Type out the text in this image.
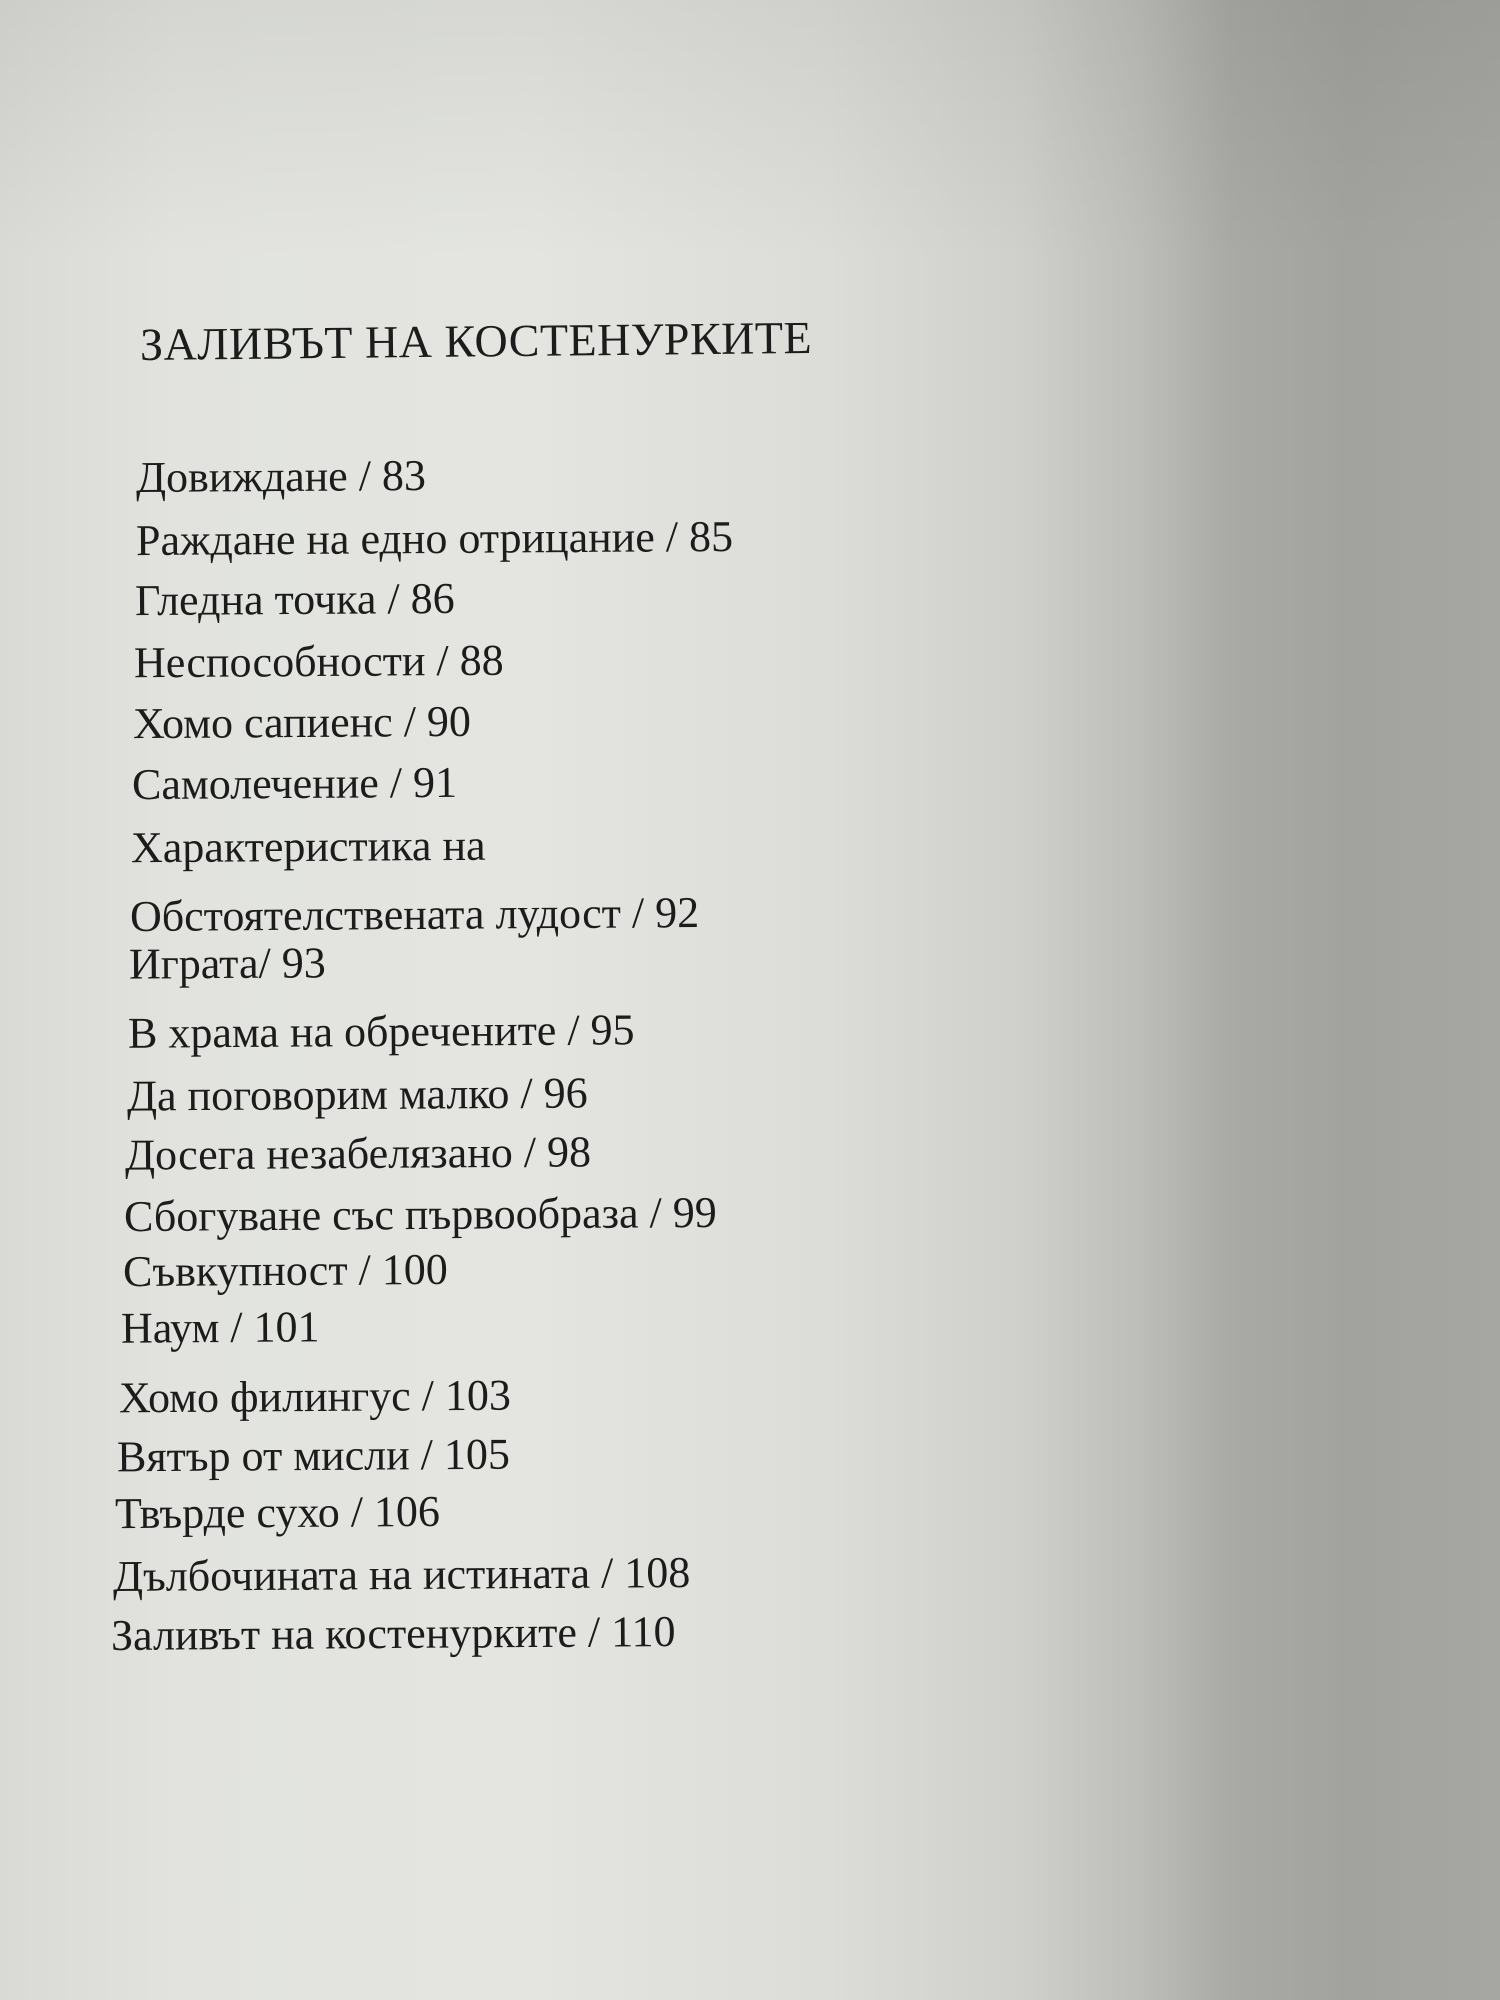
ЗАЛИВЪТ НА КОСТЕНУРКИТЕ
Довиждане / 83
Раждане на едно отрицание / 85
Гледна точка / 86
Неспособности / 88
Хомо сапиенс / 90
Самолечение / 91
Характеристика на
Обстоятелствената лудост / 92
Играта/ 93
В храма на обречените / 95
Да поговорим малко / 96
Досега незабелязано / 98
Сбогуване със първообраза / 99
Съвкупност / 100
Наум / 101
Хомо филингус / 103
Вятър от мисли / 105
Твърде сухо / 106
Дълбочината на истината / 108
Заливът на костенурките / 110
